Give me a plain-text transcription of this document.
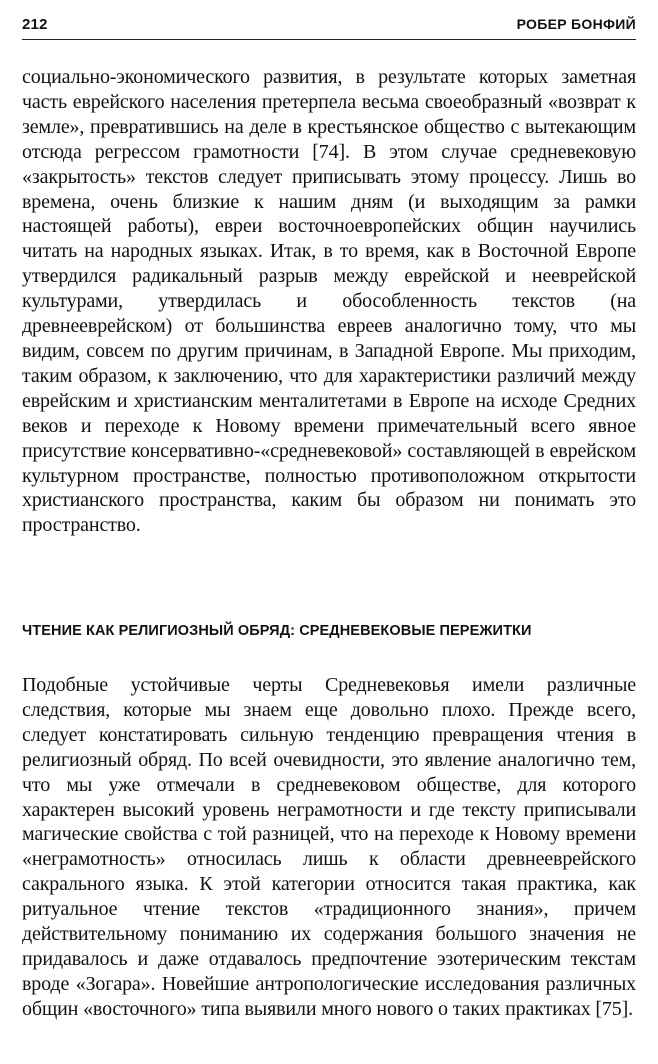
212	РОБЕР БОНФИЙ

социально-экономического развития, в результате которых заметная часть еврейского населения претерпела весьма своеобразный «возврат к земле», превратившись на деле в крестьянское общество с вытекающим отсюда регрессом грамотности [74]. В этом случае средневековую «закрытость» текстов следует приписывать этому процессу. Лишь во времена, очень близкие к нашим дням (и выходящим за рамки настоящей работы), евреи восточноевропейских общин научились читать на народных языках. Итак, в то время, как в Восточной Европе утвердился радикальный разрыв между еврейской и нееврейской культурами, утвердилась и обособленность текстов (на древнееврейском) от большинства евреев аналогично тому, что мы видим, совсем по другим причинам, в Западной Европе. Мы приходим, таким образом, к заключению, что для характеристики различий между еврейским и христианским менталитетами в Европе на исходе Средних веков и переходе к Новому времени примечательный всего явное присутствие консервативно-«средневековой» составляющей в еврейском культурном пространстве, полностью противоположном открытости христианского пространства, каким бы образом ни понимать это пространство.

ЧТЕНИЕ КАК РЕЛИГИОЗНЫЙ ОБРЯД: СРЕДНЕВЕКОВЫЕ ПЕРЕЖИТКИ

Подобные устойчивые черты Средневековья имели различные следствия, которые мы знаем еще довольно плохо. Прежде всего, следует констатировать сильную тенденцию превращения чтения в религиозный обряд. По всей очевидности, это явление аналогично тем, что мы уже отмечали в средневековом обществе, для которого характерен высокий уровень неграмотности и где тексту приписывали магические свойства с той разницей, что на переходе к Новому времени «неграмотность» относилась лишь к области древнееврейского сакрального языка. К этой категории относится такая практика, как ритуальное чтение текстов «традиционного знания», причем действительному пониманию их содержания большого значения не придавалось и даже отдавалось предпочтение эзотерическим текстам вроде «Зогара». Новейшие антропологические исследования различных общин «восточного» типа выявили много нового о таких практиках [75].
